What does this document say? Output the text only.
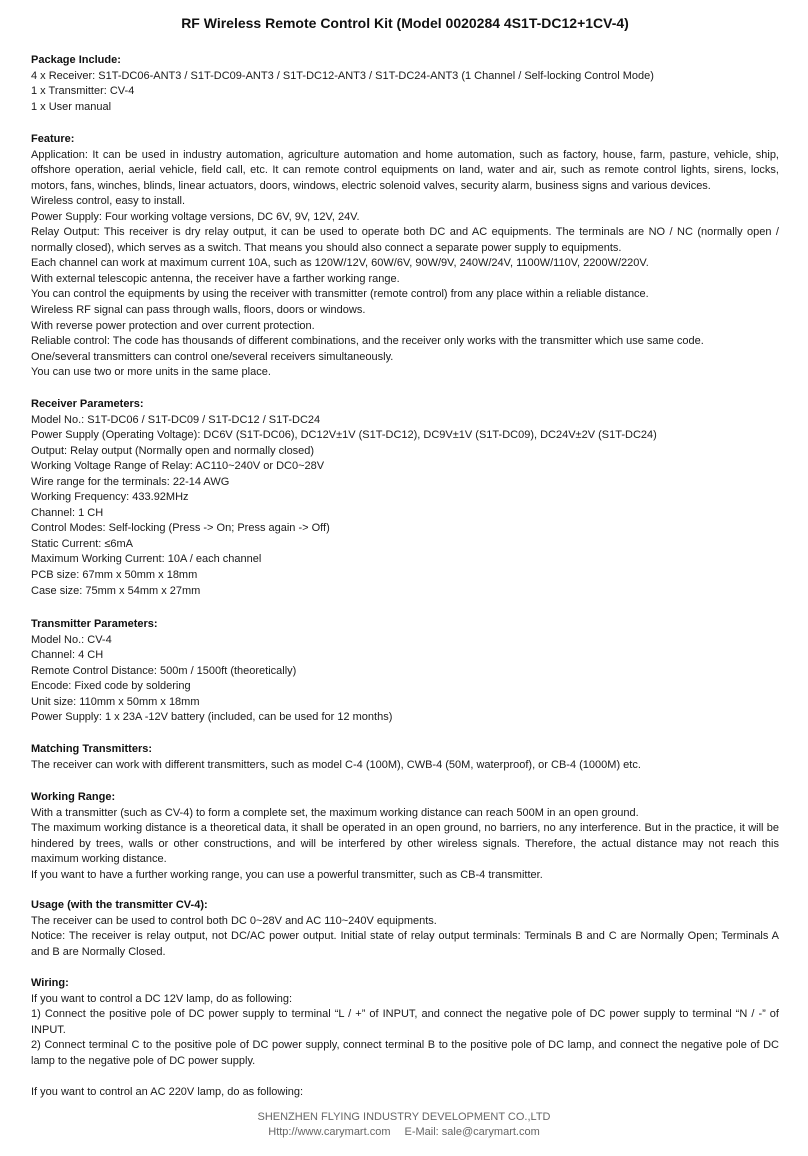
RF Wireless Remote Control Kit (Model 0020284 4S1T-DC12+1CV-4)
Package Include:
4 x Receiver: S1T-DC06-ANT3 / S1T-DC09-ANT3 / S1T-DC12-ANT3 / S1T-DC24-ANT3 (1 Channel / Self-locking Control Mode)
1 x Transmitter: CV-4
1 x User manual
Feature:
Application: It can be used in industry automation, agriculture automation and home automation, such as factory, house, farm, pasture, vehicle, ship, offshore operation, aerial vehicle, field call, etc. It can remote control equipments on land, water and air, such as remote control lights, sirens, locks, motors, fans, winches, blinds, linear actuators, doors, windows, electric solenoid valves, security alarm, business signs and various devices.
Wireless control, easy to install.
Power Supply: Four working voltage versions, DC 6V, 9V, 12V, 24V.
Relay Output: This receiver is dry relay output, it can be used to operate both DC and AC equipments. The terminals are NO / NC (normally open / normally closed), which serves as a switch. That means you should also connect a separate power supply to equipments.
Each channel can work at maximum current 10A, such as 120W/12V, 60W/6V, 90W/9V, 240W/24V, 1100W/110V, 2200W/220V.
With external telescopic antenna, the receiver have a farther working range.
You can control the equipments by using the receiver with transmitter (remote control) from any place within a reliable distance.
Wireless RF signal can pass through walls, floors, doors or windows.
With reverse power protection and over current protection.
Reliable control: The code has thousands of different combinations, and the receiver only works with the transmitter which use same code.
One/several transmitters can control one/several receivers simultaneously.
You can use two or more units in the same place.
Receiver Parameters:
Model No.: S1T-DC06 / S1T-DC09 / S1T-DC12 / S1T-DC24
Power Supply (Operating Voltage): DC6V (S1T-DC06), DC12V±1V (S1T-DC12), DC9V±1V (S1T-DC09), DC24V±2V (S1T-DC24)
Output: Relay output (Normally open and normally closed)
Working Voltage Range of Relay: AC110~240V or DC0~28V
Wire range for the terminals: 22-14 AWG
Working Frequency: 433.92MHz
Channel: 1 CH
Control Modes: Self-locking (Press -> On; Press again -> Off)
Static Current: ≤6mA
Maximum Working Current: 10A / each channel
PCB size: 67mm x 50mm x 18mm
Case size: 75mm x 54mm x 27mm
Transmitter Parameters:
Model No.: CV-4
Channel: 4 CH
Remote Control Distance: 500m / 1500ft (theoretically)
Encode: Fixed code by soldering
Unit size: 110mm x 50mm x 18mm
Power Supply: 1 x 23A -12V battery (included, can be used for 12 months)
Matching Transmitters:
The receiver can work with different transmitters, such as model C-4 (100M), CWB-4 (50M, waterproof), or CB-4 (1000M) etc.
Working Range:
With a transmitter (such as CV-4) to form a complete set, the maximum working distance can reach 500M in an open ground.
The maximum working distance is a theoretical data, it shall be operated in an open ground, no barriers, no any interference. But in the practice, it will be hindered by trees, walls or other constructions, and will be interfered by other wireless signals. Therefore, the actual distance may not reach this maximum working distance.
If you want to have a further working range, you can use a powerful transmitter, such as CB-4 transmitter.
Usage (with the transmitter CV-4):
The receiver can be used to control both DC 0~28V and AC 110~240V equipments.
Notice: The receiver is relay output, not DC/AC power output. Initial state of relay output terminals: Terminals B and C are Normally Open; Terminals A and B are Normally Closed.
Wiring:
If you want to control a DC 12V lamp, do as following:
1) Connect the positive pole of DC power supply to terminal “L / +” of INPUT, and connect the negative pole of DC power supply to terminal “N / -” of INPUT.
2) Connect terminal C to the positive pole of DC power supply, connect terminal B to the positive pole of DC lamp, and connect the negative pole of DC lamp to the negative pole of DC power supply.
If you want to control an AC 220V lamp, do as following:
SHENZHEN FLYING INDUSTRY DEVELOPMENT CO.,LTD
Http://www.carymart.com E-Mail: sale@carymart.com
